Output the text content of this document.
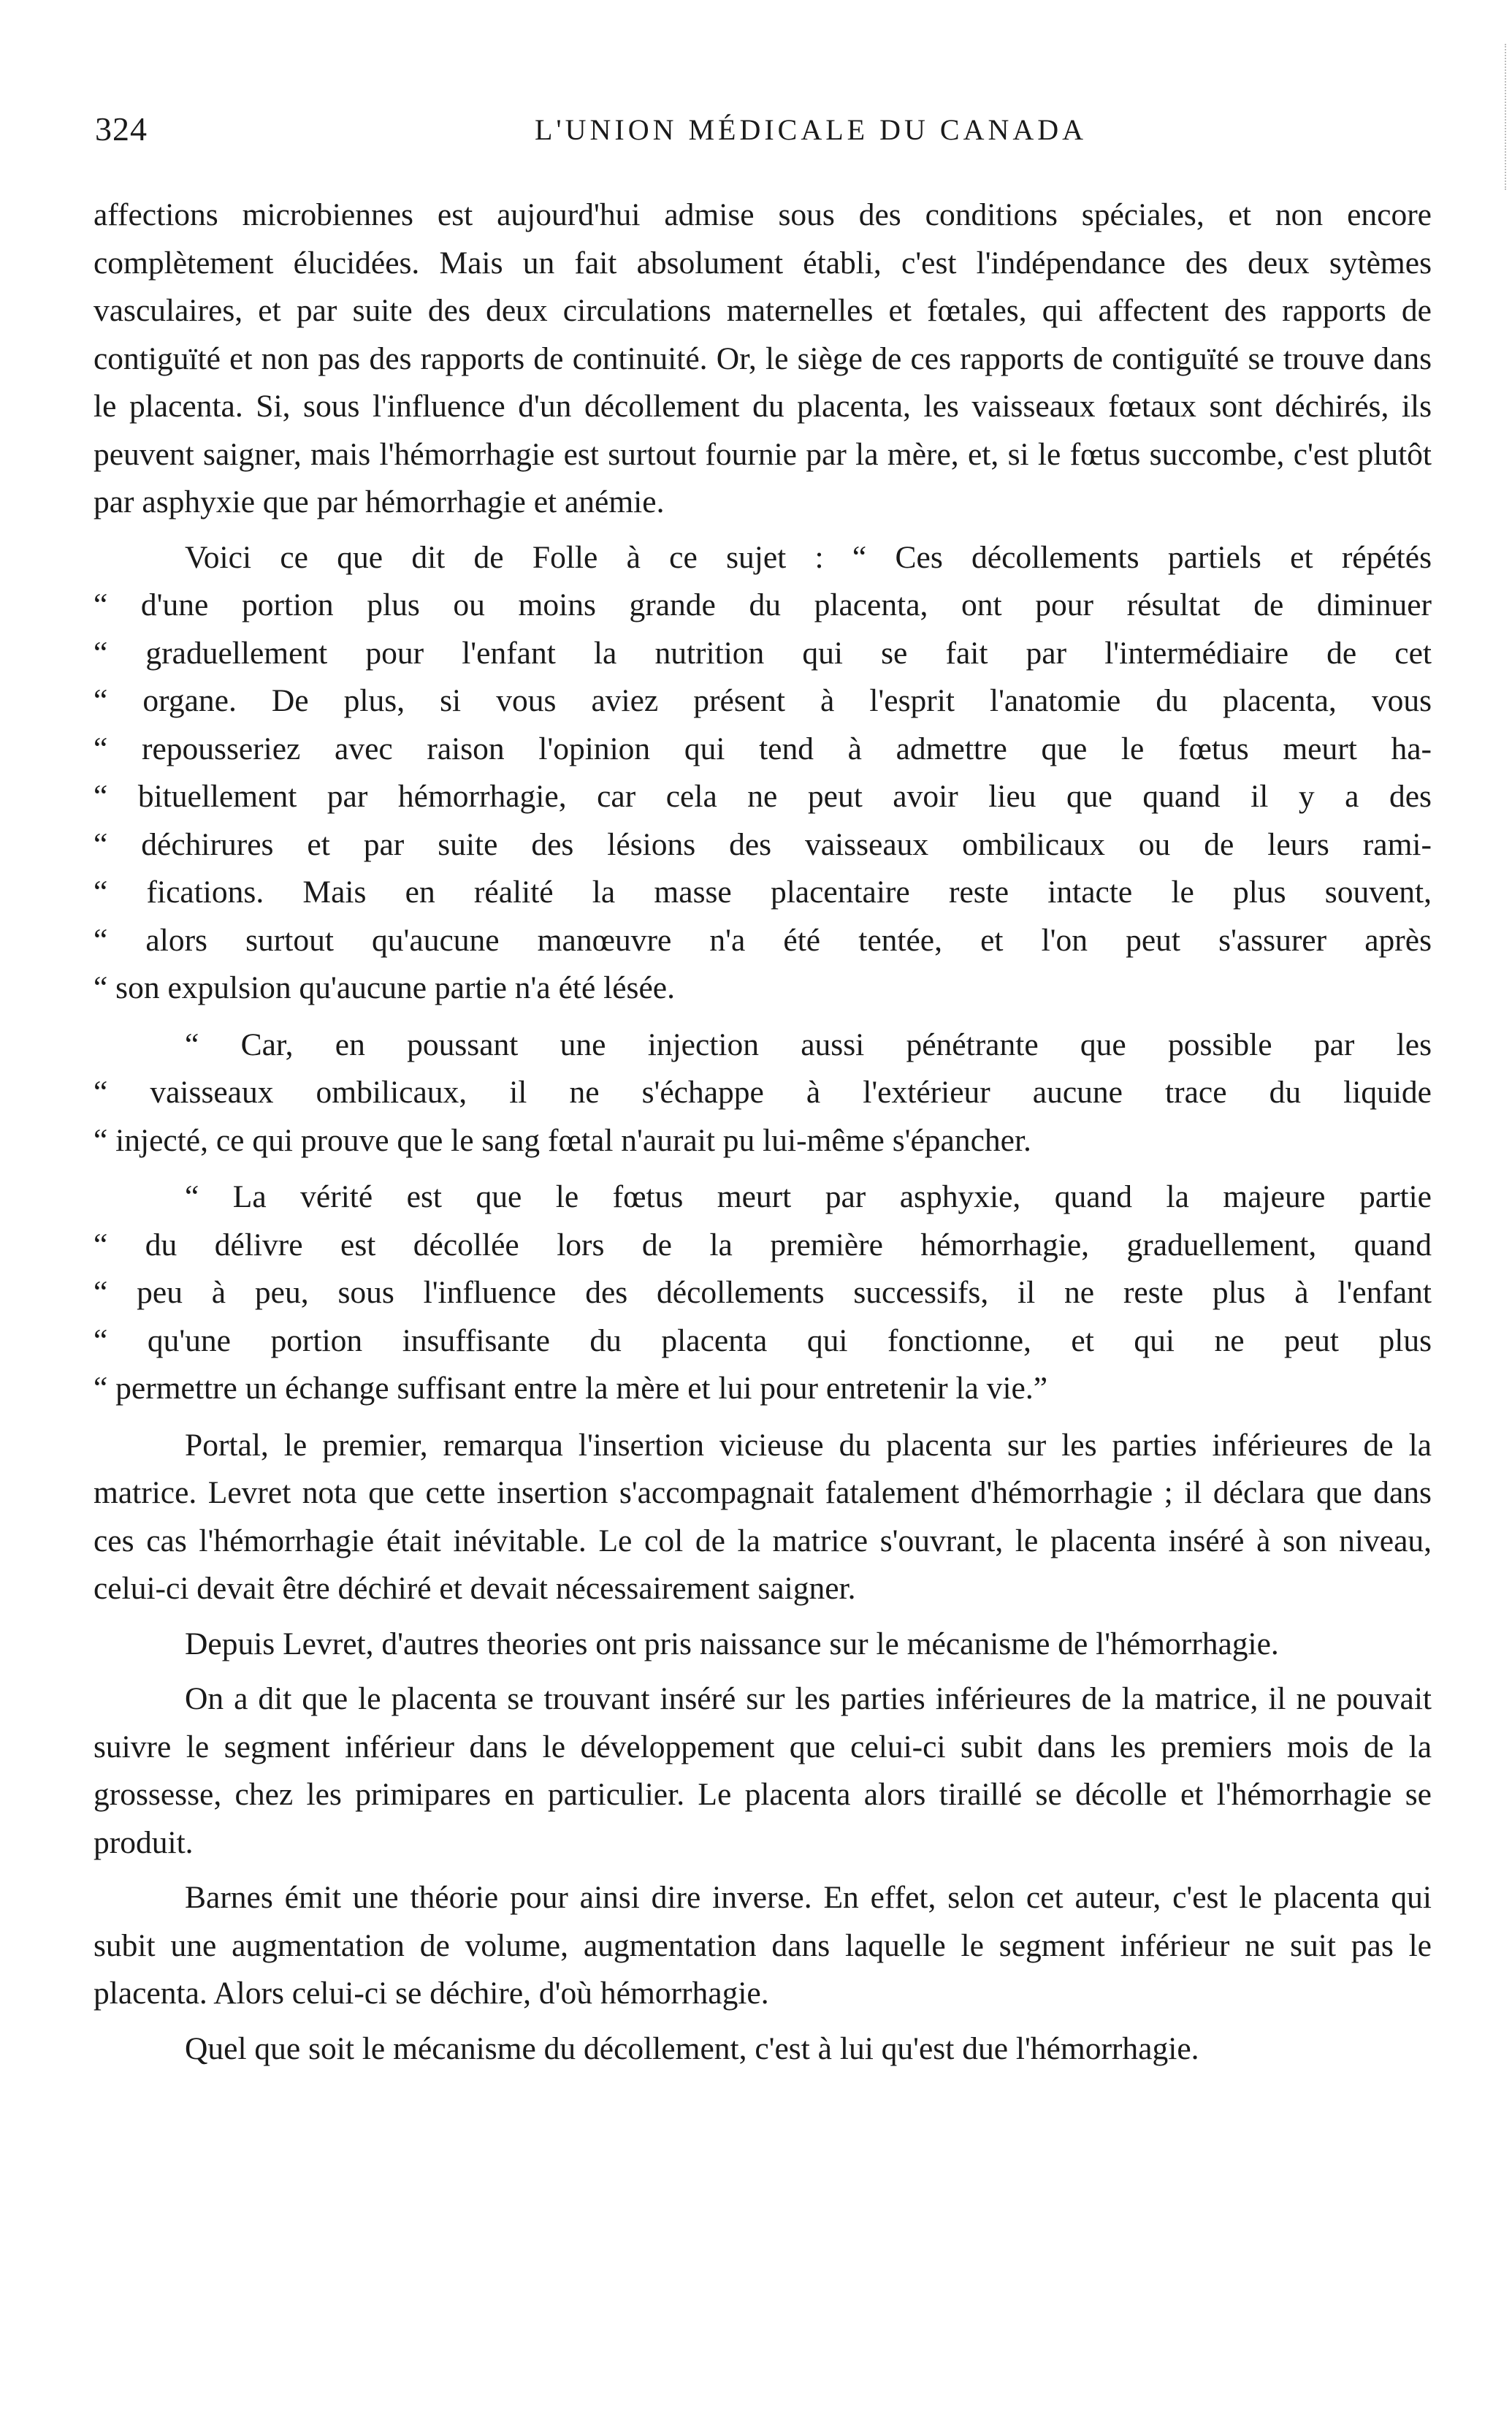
324	L'UNION MÉDICALE DU CANADA

affections microbiennes est aujourd'hui admise sous des conditions spéciales, et non encore complètement élucidées. Mais un fait absolument établi, c'est l'indépendance des deux sytèmes vasculaires, et par suite des deux circulations maternelles et fœtales, qui affectent des rapports de contiguïté et non pas des rapports de continuité. Or, le siège de ces rapports de contiguïté se trouve dans le placenta. Si, sous l'influence d'un décollement du placenta, les vaisseaux fœtaux sont déchirés, ils peuvent saigner, mais l'hémorrhagie est surtout fournie par la mère, et, si le fœtus succombe, c'est plutôt par asphyxie que par hémorrhagie et anémie.

Voici ce que dit de Folle à ce sujet : “ Ces décollements partiels et répétés
“ d'une portion plus ou moins grande du placenta, ont pour résultat de diminuer
“ graduellement pour l'enfant la nutrition qui se fait par l'intermédiaire de cet
“ organe. De plus, si vous aviez présent à l'esprit l'anatomie du placenta, vous
“ repousseriez avec raison l'opinion qui tend à admettre que le fœtus meurt ha-
“ bituellement par hémorrhagie, car cela ne peut avoir lieu que quand il y a des
“ déchirures et par suite des lésions des vaisseaux ombilicaux ou de leurs rami-
“ fications. Mais en réalité la masse placentaire reste intacte le plus souvent,
“ alors surtout qu'aucune manœuvre n'a été tentée, et l'on peut s'assurer après
“ son expulsion qu'aucune partie n'a été lésée.
“ Car, en poussant une injection aussi pénétrante que possible par les
“ vaisseaux ombilicaux, il ne s'échappe à l'extérieur aucune trace du liquide
“ injecté, ce qui prouve que le sang fœtal n'aurait pu lui-même s'épancher.
“ La vérité est que le fœtus meurt par asphyxie, quand la majeure partie
“ du délivre est décollée lors de la première hémorrhagie, graduellement, quand
“ peu à peu, sous l'influence des décollements successifs, il ne reste plus à l'enfant
“ qu'une portion insuffisante du placenta qui fonctionne, et qui ne peut plus
“ permettre un échange suffisant entre la mère et lui pour entretenir la vie.”

Portal, le premier, remarqua l'insertion vicieuse du placenta sur les parties inférieures de la matrice. Levret nota que cette insertion s'accompagnait fatalement d'hémorrhagie ; il déclara que dans ces cas l'hémorrhagie était inévitable. Le col de la matrice s'ouvrant, le placenta inséré à son niveau, celui-ci devait être déchiré et devait nécessairement saigner.

Depuis Levret, d'autres theories ont pris naissance sur le mécanisme de l'hémorrhagie.

On a dit que le placenta se trouvant inséré sur les parties inférieures de la matrice, il ne pouvait suivre le segment inférieur dans le développement que celui-ci subit dans les premiers mois de la grossesse, chez les primipares en particulier. Le placenta alors tiraillé se décolle et l'hémorrhagie se produit.

Barnes émit une théorie pour ainsi dire inverse. En effet, selon cet auteur, c'est le placenta qui subit une augmentation de volume, augmentation dans laquelle le segment inférieur ne suit pas le placenta. Alors celui-ci se déchire, d'où hémorrhagie.

Quel que soit le mécanisme du décollement, c'est à lui qu'est due l'hémorrhagie.
